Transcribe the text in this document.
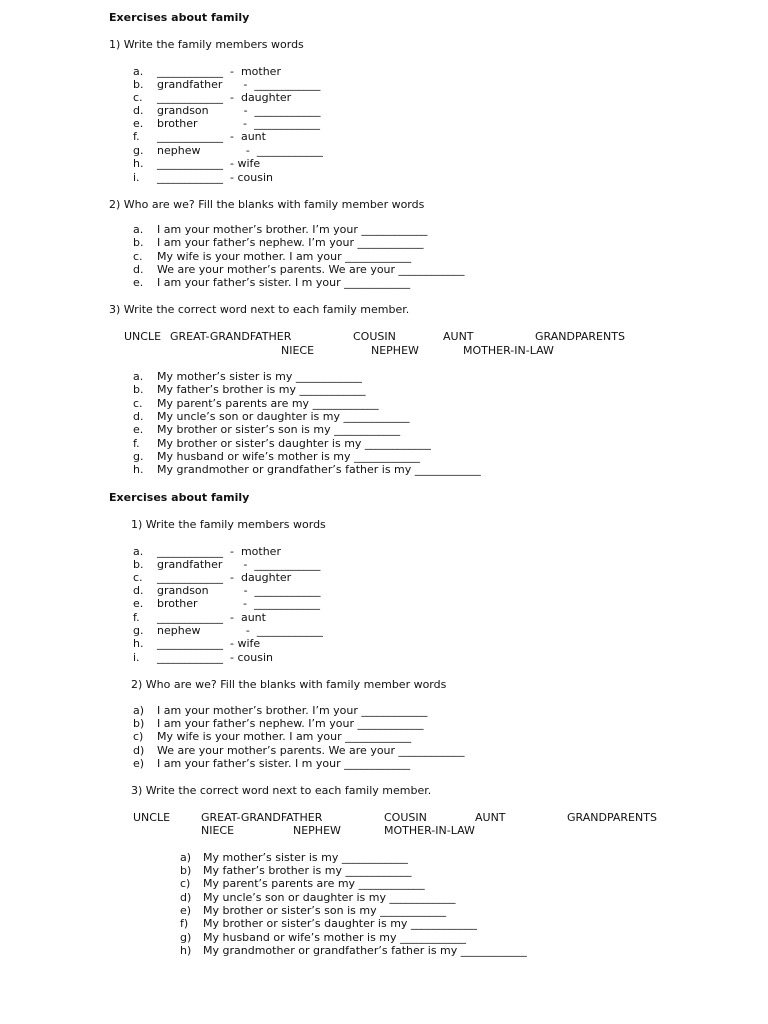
Exercises about family
1) Write the family members words
a. ____________  -  mother
b. grandfather      -  ____________
c. ____________  -  daughter
d. grandson          -  ____________
e. brother             -  ____________
f. ____________  -  aunt
g. nephew             -  ____________
h. ____________  - wife
i. ____________  - cousin
2) Who are we? Fill the blanks with family member words
a. I am your mother’s brother. I’m your ____________
b. I am your father’s nephew. I’m your ____________
c. My wife is your mother. I am your ____________
d. We are your mother’s parents. We are your ____________
e. I am your father’s sister. I m your ____________
3) Write the correct word next to each family member.
UNCLE GREAT-GRANDFATHER	COUSIN	AUNT	GRANDPARENTS
NIECE	NEPHEW	MOTHER-IN-LAW
a. My mother’s sister is my ____________
b. My father’s brother is my ____________
c. My parent’s parents are my ____________
d. My uncle’s son or daughter is my ____________
e. My brother or sister’s son is my ____________
f. My brother or sister’s daughter is my ____________
g. My husband or wife’s mother is my ____________
h. My grandmother or grandfather’s father is my ____________
Exercises about family
1) Write the family members words
a. ____________  -  mother
b. grandfather      -  ____________
c. ____________  -  daughter
d. grandson          -  ____________
e. brother             -  ____________
f. ____________  -  aunt
g. nephew             -  ____________
h. ____________  - wife
i. ____________  - cousin
2) Who are we? Fill the blanks with family member words
a) I am your mother’s brother. I’m your ____________
b) I am your father’s nephew. I’m your ____________
c) My wife is your mother. I am your ____________
d) We are your mother’s parents. We are your ____________
e) I am your father’s sister. I m your ____________
3) Write the correct word next to each family member.
UNCLE	GREAT-GRANDFATHER	COUSIN	AUNT	GRANDPARENTS
NIECE	NEPHEW	MOTHER-IN-LAW
a) My mother’s sister is my ____________
b) My father’s brother is my ____________
c) My parent’s parents are my ____________
d) My uncle’s son or daughter is my ____________
e) My brother or sister’s son is my ____________
f) My brother or sister’s daughter is my ____________
g) My husband or wife’s mother is my ____________
h) My grandmother or grandfather’s father is my ____________
